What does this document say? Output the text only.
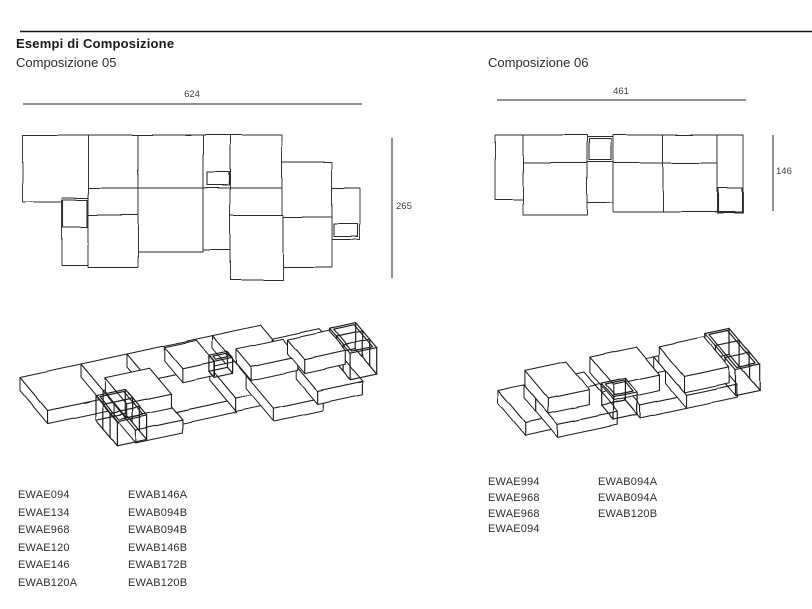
Esempi di Composizione
Composizione 05	Composizione 06
624
265
461
146
EWAE094
EWAE134
EWAE968
EWAE120
EWAE146
EWAB120A
EWAB146A
EWAB094B
EWAB094B
EWAB146B
EWAB172B
EWAB120B
EWAE994
EWAE968
EWAE968
EWAE094
EWAB094A
EWAB094A
EWAB120B
